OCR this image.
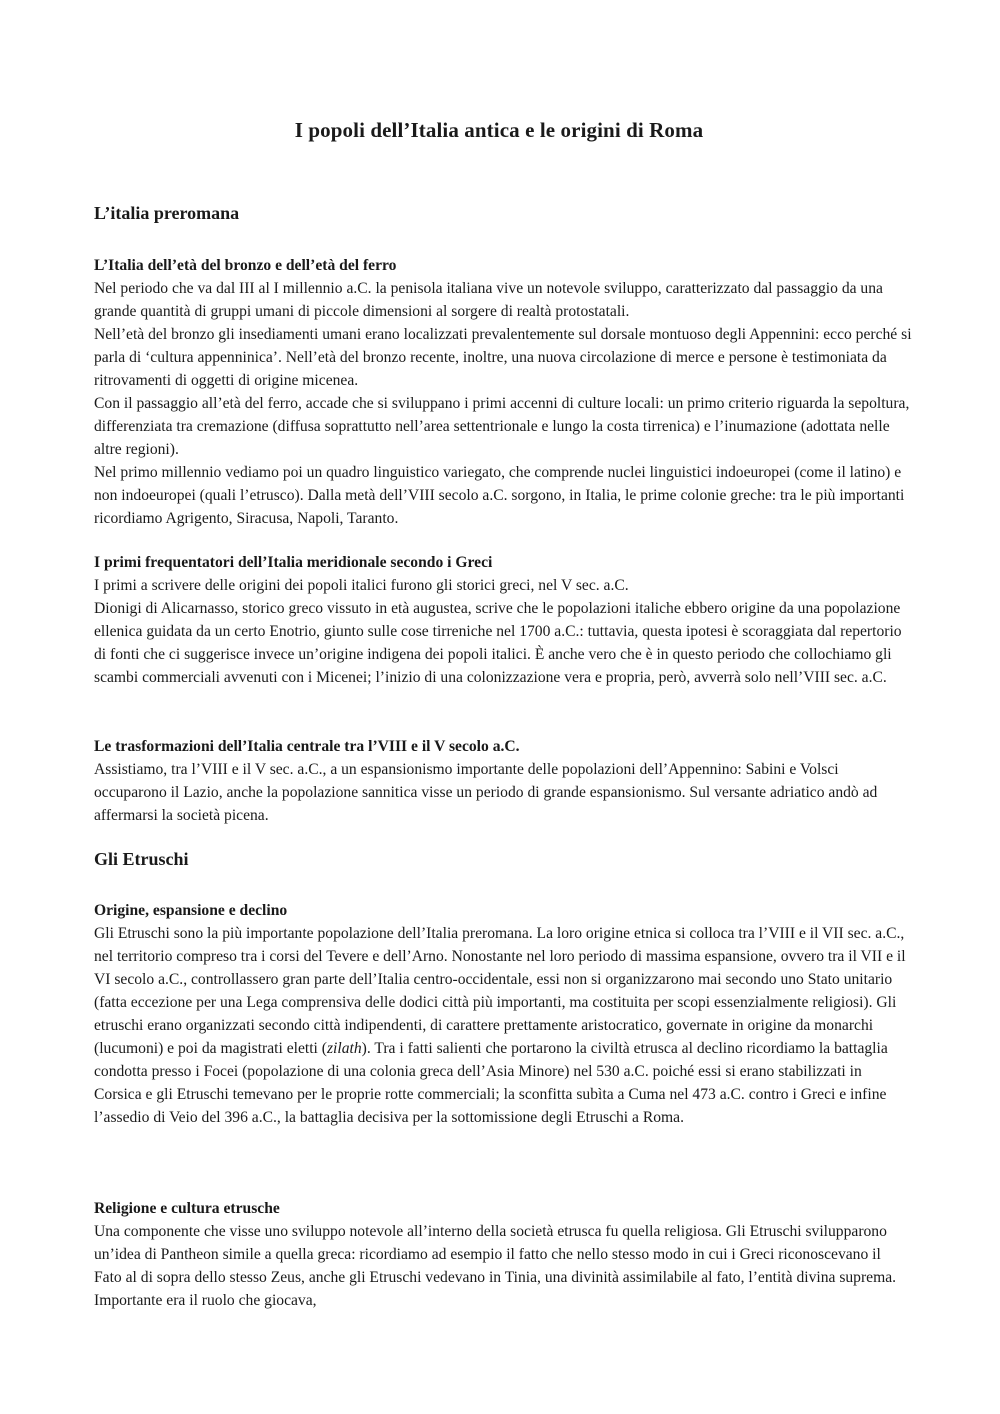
I popoli dell’Italia antica e le origini di Roma
L’italia preromana
L’Italia dell’età del bronzo e dell’età del ferro
Nel periodo che va dal III al I millennio a.C. la penisola italiana vive un notevole sviluppo, caratterizzato dal passaggio da una grande quantità di gruppi umani di piccole dimensioni al sorgere di realtà protostatali.
Nell’età del bronzo gli insediamenti umani erano localizzati prevalentemente sul dorsale montuoso degli Appennini: ecco perché si parla di ‘cultura appenninica’. Nell’età del bronzo recente, inoltre, una nuova circolazione di merce e persone è testimoniata da ritrovamenti di oggetti di origine micenea.
Con il passaggio all’età del ferro, accade che si sviluppano i primi accenni di culture locali: un primo criterio riguarda la sepoltura, differenziata tra cremazione (diffusa soprattutto nell’area settentrionale e lungo la costa tirrenica) e l’inumazione (adottata nelle altre regioni).
Nel primo millennio vediamo poi un quadro linguistico variegato, che comprende nuclei linguistici indoeuropei (come il latino) e non indoeuropei (quali l’etrusco). Dalla metà dell’VIII secolo a.C. sorgono, in Italia, le prime colonie greche: tra le più importanti ricordiamo Agrigento, Siracusa, Napoli, Taranto.
I primi frequentatori dell’Italia meridionale secondo i Greci
I primi a scrivere delle origini dei popoli italici furono gli storici greci, nel V sec. a.C.
Dionigi di Alicarnasso, storico greco vissuto in età augustea, scrive che le popolazioni italiche ebbero origine da una popolazione ellenica guidata da un certo Enotrio, giunto sulle cose tirreniche nel 1700 a.C.: tuttavia, questa ipotesi è scoraggiata dal repertorio di fonti che ci suggerisce invece un’origine indigena dei popoli italici. È anche vero che è in questo periodo che collochiamo gli scambi commerciali avvenuti con i Micenei; l’inizio di una colonizzazione vera e propria, però, avverrà solo nell’VIII sec. a.C.
Le trasformazioni dell’Italia centrale tra l’VIII e il V secolo a.C.
Assistiamo, tra l’VIII e il V sec. a.C., a un espansionismo importante delle popolazioni dell’Appennino: Sabini e Volsci occuparono il Lazio, anche la popolazione sannitica visse un periodo di grande espansionismo. Sul versante adriatico andò ad affermarsi la società picena.
Gli Etruschi
Origine, espansione e declino
Gli Etruschi sono la più importante popolazione dell’Italia preromana. La loro origine etnica si colloca tra l’VIII e il VII sec. a.C., nel territorio compreso tra i corsi del Tevere e dell’Arno. Nonostante nel loro periodo di massima espansione, ovvero tra il VII e il VI secolo a.C., controllassero gran parte dell’Italia centro-occidentale, essi non si organizzarono mai secondo uno Stato unitario (fatta eccezione per una Lega comprensiva delle dodici città più importanti, ma costituita per scopi essenzialmente religiosi). Gli etruschi erano organizzati secondo città indipendenti, di carattere prettamente aristocratico, governate in origine da monarchi (lucumoni) e poi da magistrati eletti (zilath). Tra i fatti salienti che portarono la civiltà etrusca al declino ricordiamo la battaglia condotta presso i Focei (popolazione di una colonia greca dell’Asia Minore) nel 530 a.C. poiché essi si erano stabilizzati in Corsica e gli Etruschi temevano per le proprie rotte commerciali; la sconfitta subìta a Cuma nel 473 a.C. contro i Greci e infine l’assedio di Veio del 396 a.C., la battaglia decisiva per la sottomissione degli Etruschi a Roma.
Religione e cultura etrusche
Una componente che visse uno sviluppo notevole all’interno della società etrusca fu quella religiosa. Gli Etruschi svilupparono un’idea di Pantheon simile a quella greca: ricordiamo ad esempio il fatto che nello stesso modo in cui i Greci riconoscevano il Fato al di sopra dello stesso Zeus, anche gli Etruschi vedevano in Tinia, una divinità assimilabile al fato, l’entità divina suprema. Importante era il ruolo che giocava,
